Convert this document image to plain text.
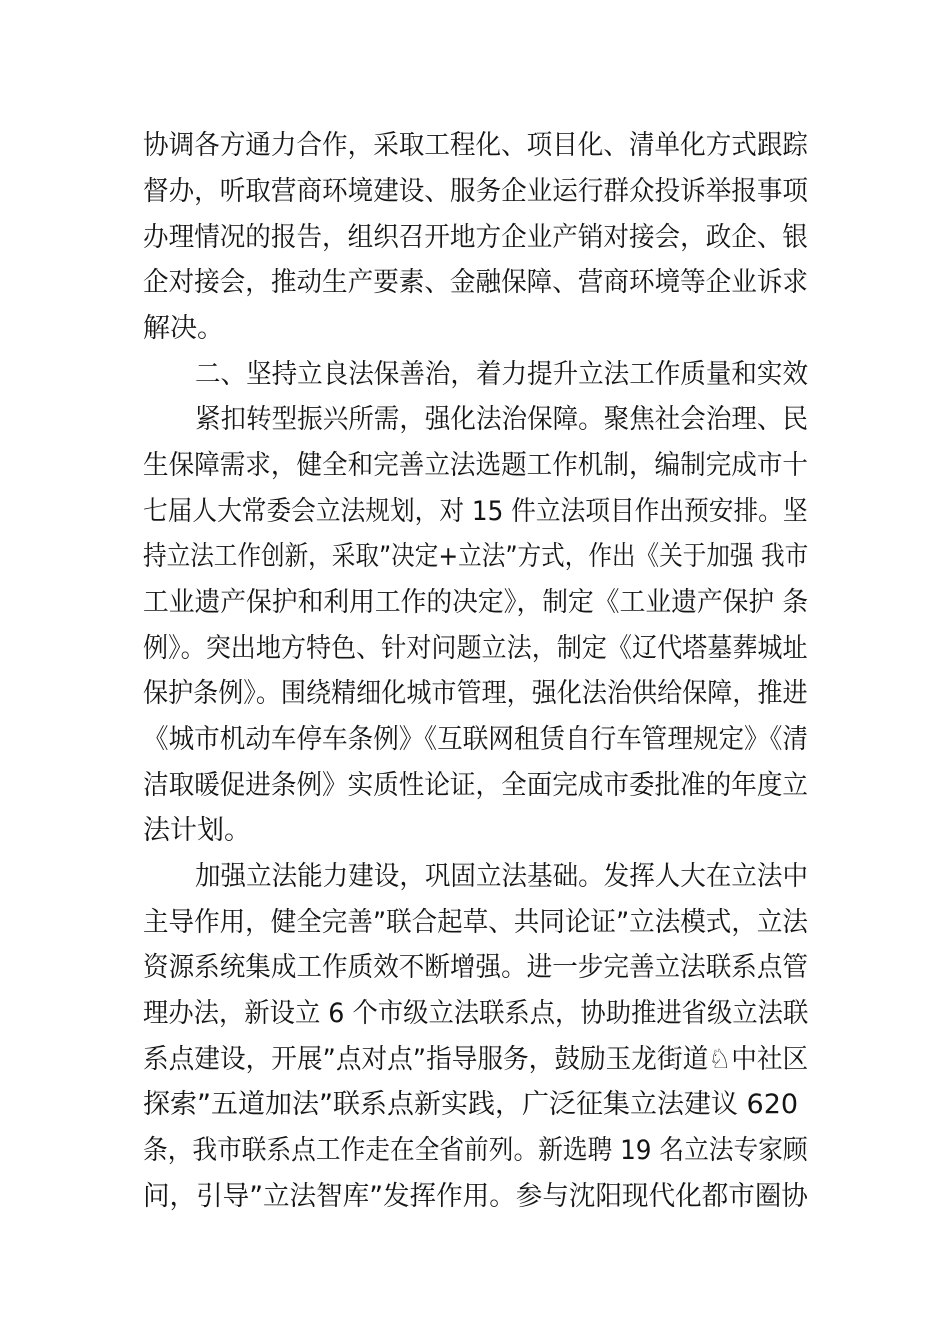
协调各方通力合作，采取工程化、项目化、清单化方式跟踪
督办，听取营商环境建设、服务企业运行群众投诉举报事项
办理情况的报告，组织召开地方企业产销对接会，政企、银
企对接会，推动生产要素、金融保障、营商环境等企业诉求
解决。
二、坚持立良法保善治，着力提升立法工作质量和实效
紧扣转型振兴所需，强化法治保障。聚焦社会治理、民
生保障需求，健全和完善立法选题工作机制，编制完成市十
七届人大常委会立法规划，对 15 件立法项目作出预安排。坚
持立法工作创新，采取”决定+立法”方式，作出《关于加强 我市
工业遗产保护和利用工作的决定》，制定《工业遗产保护 条
例》。突出地方特色、针对问题立法，制定《辽代塔墓葬城址
保护条例》。围绕精细化城市管理，强化法治供给保障，推进
《城市机动车停车条例》《互联网租赁自行车管理规定》《清
洁取暖促进条例》实质性论证，全面完成市委批准的年度立
法计划。
加强立法能力建设，巩固立法基础。发挥人大在立法中
主导作用，健全完善”联合起草、共同论证”立法模式，立法
资源系统集成工作质效不断增强。进一步完善立法联系点管
理办法，新设立 6 个市级立法联系点，协助推进省级立法联
系点建设，开展”点对点”指导服务，鼓励玉龙街道♘中社区
探索”五道加法”联系点新实践，广泛征集立法建议 620
条，我市联系点工作走在全省前列。新选聘 19 名立法专家顾
问，引导”立法智库”发挥作用。参与沈阳现代化都市圈协
